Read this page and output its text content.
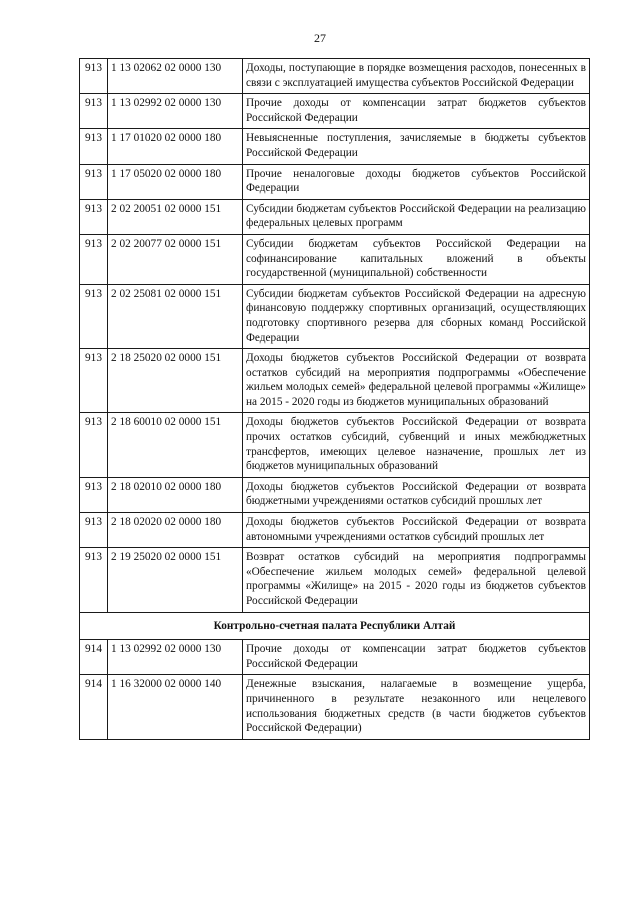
27
913	1 13 02062 02 0000 130	Доходы, поступающие в порядке возмещения расходов, понесенных в связи с эксплуатацией имущества субъектов Российской Федерации
913	1 13 02992 02 0000 130	Прочие доходы от компенсации затрат бюджетов субъектов Российской Федерации
913	1 17 01020 02 0000 180	Невыясненные поступления, зачисляемые в бюджеты субъектов Российской Федерации
913	1 17 05020 02 0000 180	Прочие неналоговые доходы бюджетов субъектов Российской Федерации
913	2 02 20051 02 0000 151	Субсидии бюджетам субъектов Российской Федерации на реализацию федеральных целевых программ
913	2 02 20077 02 0000 151	Субсидии бюджетам субъектов Российской Федерации на софинансирование капитальных вложений в объекты государственной (муниципальной) собственности
913	2 02 25081 02 0000 151	Субсидии бюджетам субъектов Российской Федерации на адресную финансовую поддержку спортивных организаций, осуществляющих подготовку спортивного резерва для сборных команд Российской Федерации
913	2 18 25020 02 0000 151	Доходы бюджетов субъектов Российской Федерации от возврата остатков субсидий на мероприятия подпрограммы «Обеспечение жильем молодых семей» федеральной целевой программы «Жилище» на 2015 - 2020 годы из бюджетов муниципальных образований
913	2 18 60010 02 0000 151	Доходы бюджетов субъектов Российской Федерации от возврата прочих остатков субсидий, субвенций и иных межбюджетных трансфертов, имеющих целевое назначение, прошлых лет из бюджетов муниципальных образований
913	2 18 02010 02 0000 180	Доходы бюджетов субъектов Российской Федерации от возврата бюджетными учреждениями остатков субсидий прошлых лет
913	2 18 02020 02 0000 180	Доходы бюджетов субъектов Российской Федерации от возврата автономными учреждениями остатков субсидий прошлых лет
913	2 19 25020 02 0000 151	Возврат остатков субсидий на мероприятия подпрограммы «Обеспечение жильем молодых семей» федеральной целевой программы «Жилище» на 2015 - 2020 годы из бюджетов субъектов Российской Федерации
Контрольно-счетная палата Республики Алтай		
914	1 13 02992 02 0000 130	Прочие доходы от компенсации затрат бюджетов субъектов Российской Федерации
914	1 16 32000 02 0000 140	Денежные взыскания, налагаемые в возмещение ущерба, причиненного в результате незаконного или нецелевого использования бюджетных средств (в части бюджетов субъектов Российской Федерации)
